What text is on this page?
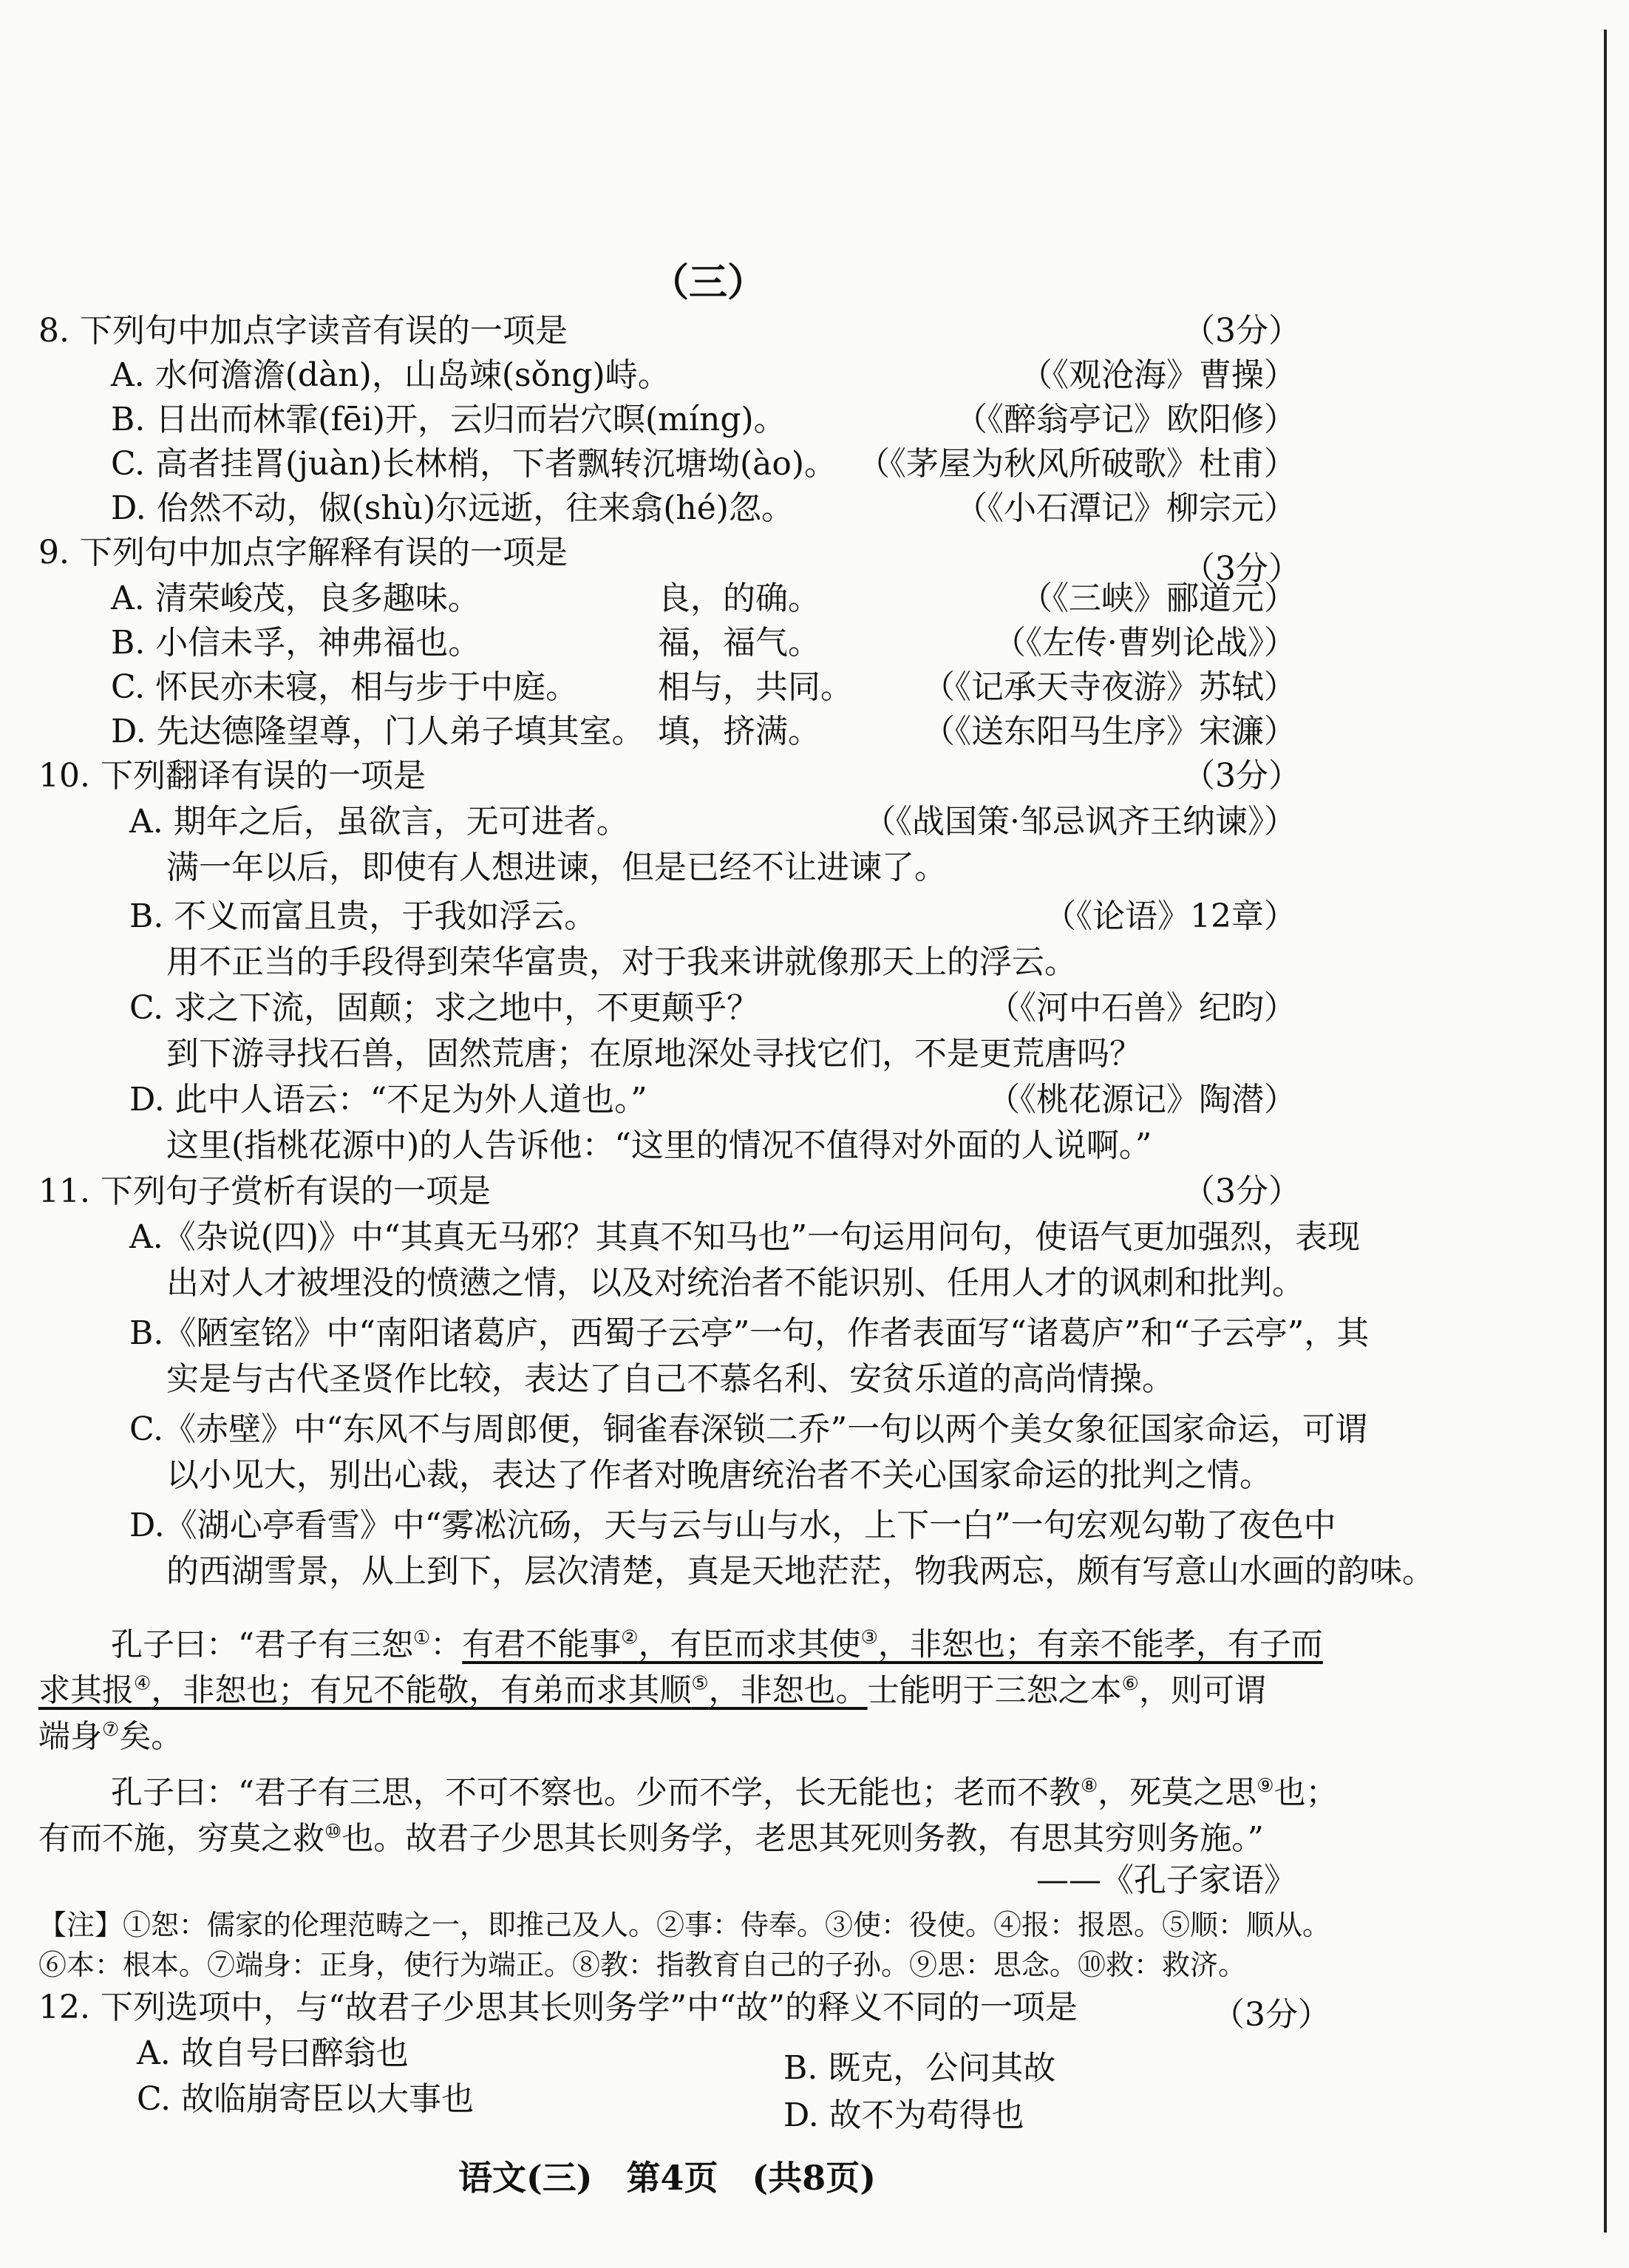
（三）
8. 下列句中加点字读音有误的一项是	（3分）
A. 水何澹澹(dàn)，山岛竦(sǒng)峙。	（《观沧海》曹操）
B. 日出而林霏(fēi)开，云归而岩穴暝(míng)。	（《醉翁亭记》欧阳修）
C. 高者挂罥(juàn)长林梢，下者飘转沉塘坳(ào)。 （《茅屋为秋风所破歌》杜甫）
D. 佁然不动，俶(shù)尔远逝，往来翕(hé)忽。	（《小石潭记》柳宗元）
9. 下列句中加点字解释有误的一项是	（3分）
A. 清荣峻茂，良多趣味。	良，的确。	（《三峡》郦道元）
B. 小信未孚，神弗福也。	福，福气。	（《左传·曹刿论战》）
C. 怀民亦未寝，相与步于中庭。 相与，共同。 （《记承天寺夜游》苏轼）
D. 先达德隆望尊，门人弟子填其室。 填，挤满。	（《送东阳马生序》宋濂）
10. 下列翻译有误的一项是	（3分）
A. 期年之后，虽欲言，无可进者。	（《战国策·邹忌讽齐王纳谏》）
满一年以后，即使有人想进谏，但是已经不让进谏了。
B. 不义而富且贵，于我如浮云。	（《论语》12章）
用不正当的手段得到荣华富贵，对于我来讲就像那天上的浮云。
C. 求之下流，固颠；求之地中，不更颠乎？	（《河中石兽》纪昀）
到下游寻找石兽，固然荒唐；在原地深处寻找它们，不是更荒唐吗？
D. 此中人语云：“不足为外人道也。”	（《桃花源记》陶潜）
这里(指桃花源中)的人告诉他：“这里的情况不值得对外面的人说啊。”
11. 下列句子赏析有误的一项是	（3分）
A.《杂说(四)》中“其真无马邪？其真不知马也”一句运用问句，使语气更加强烈，表现
出对人才被埋没的愤懑之情，以及对统治者不能识别、任用人才的讽刺和批判。
B.《陋室铭》中“南阳诸葛庐，西蜀子云亭”一句，作者表面写“诸葛庐”和“子云亭”，其
实是与古代圣贤作比较，表达了自己不慕名利、安贫乐道的高尚情操。
C.《赤壁》中“东风不与周郎便，铜雀春深锁二乔”一句以两个美女象征国家命运，可谓
以小见大，别出心裁，表达了作者对晚唐统治者不关心国家命运的批判之情。
D.《湖心亭看雪》中“雾凇沆砀，天与云与山与水，上下一白”一句宏观勾勒了夜色中
的西湖雪景，从上到下，层次清楚，真是天地茫茫，物我两忘，颇有写意山水画的韵味。
孔子曰：“君子有三恕①：有君不能事②，有臣而求其使③，非恕也；有亲不能孝，有子而
求其报④，非恕也；有兄不能敬，有弟而求其顺⑤，非恕也。士能明于三恕之本⑥，则可谓
端身⑦矣。
孔子曰：“君子有三思，不可不察也。少而不学，长无能也；老而不教⑧，死莫之思⑨也；
有而不施，穷莫之救⑩也。故君子少思其长则务学，老思其死则务教，有思其穷则务施。”
——《孔子家语》
【注】①恕：儒家的伦理范畴之一，即推己及人。②事：侍奉。③使：役使。④报：报恩。⑤顺：顺从。
⑥本：根本。⑦端身：正身，使行为端正。⑧教：指教育自己的子孙。⑨思：思念。⑩救：救济。
12. 下列选项中，与“故君子少思其长则务学”中“故”的释义不同的一项是	（3分）
A. 故自号曰醉翁也	B. 既克，公问其故
C. 故临崩寄臣以大事也	D. 故不为苟得也
语文(三)　第4页　(共8页)
